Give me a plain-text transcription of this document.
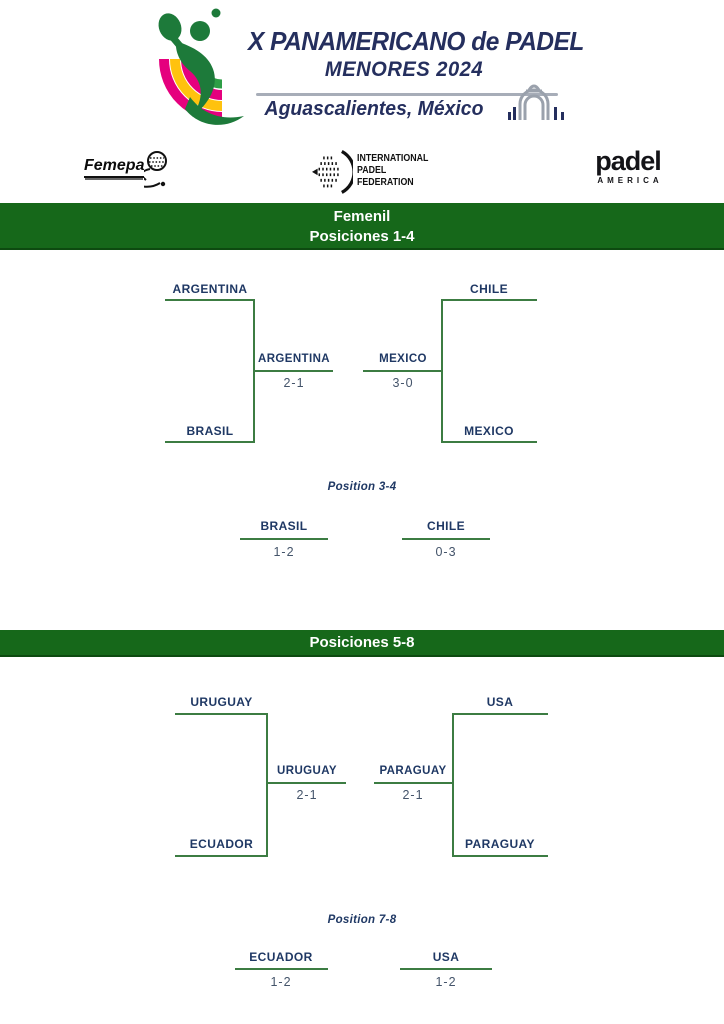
X PANAMERICANO de PADEL
MENORES 2024
Aguascalientes, México
Femepa	INTERNATIONAL
PADEL
FEDERATION
padel
AMERICA
Femenil
Posiciones 1-4
ARGENTINA
BRASIL
ARGENTINA
2-1
CHILE
MEXICO
MEXICO
3-0
Position 3-4
BRASIL
1-2
CHILE
0-3
Posiciones 5-8
URUGUAY
ECUADOR
URUGUAY
2-1
USA
PARAGUAY
PARAGUAY
2-1
Position 7-8
ECUADOR
1-2
USA
1-2
